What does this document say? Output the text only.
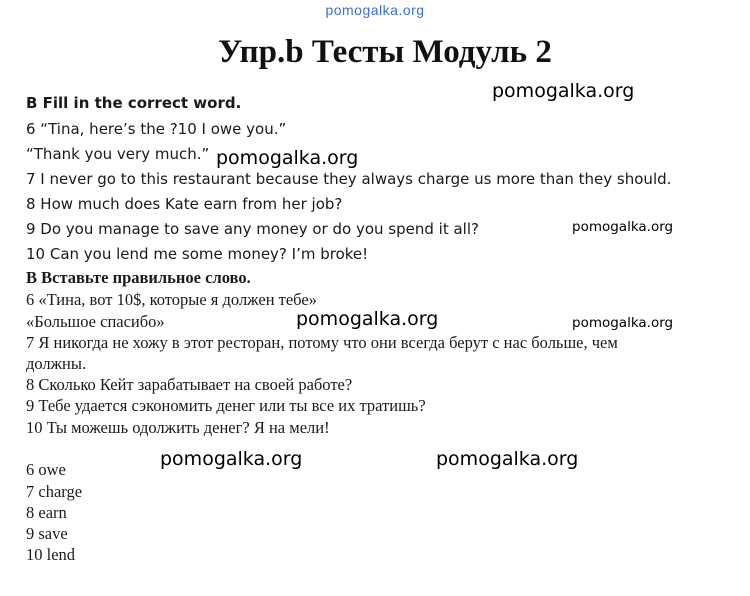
pomogalka.org
Упр.b Тесты Модуль 2
B Fill in the correct word.
6 “Tina, here’s the ?10 I owe you.”
“Thank you very much.”
7 I never go to this restaurant because they always charge us more than they should.
8 How much does Kate earn from her job?
9 Do you manage to save any money or do you spend it all?
10 Can you lend me some money? I’m broke!
B Вставьте правильное слово.
6 «Тина, вот 10$, которые я должен тебе»
«Большое спасибо»
7 Я никогда не хожу в этот ресторан, потому что они всегда берут с нас больше, чем
должны.
8 Сколько Кейт зарабатывает на своей работе?
9 Тебе удается сэкономить денег или ты все их тратишь?
10 Ты можешь одолжить денег? Я на мели!
6 owe
7 charge
8 earn
9 save
10 lend
pomogalka.org
pomogalka.org
pomogalka.org
pomogalka.org	pomogalka.org
pomogalka.org	pomogalka.org
